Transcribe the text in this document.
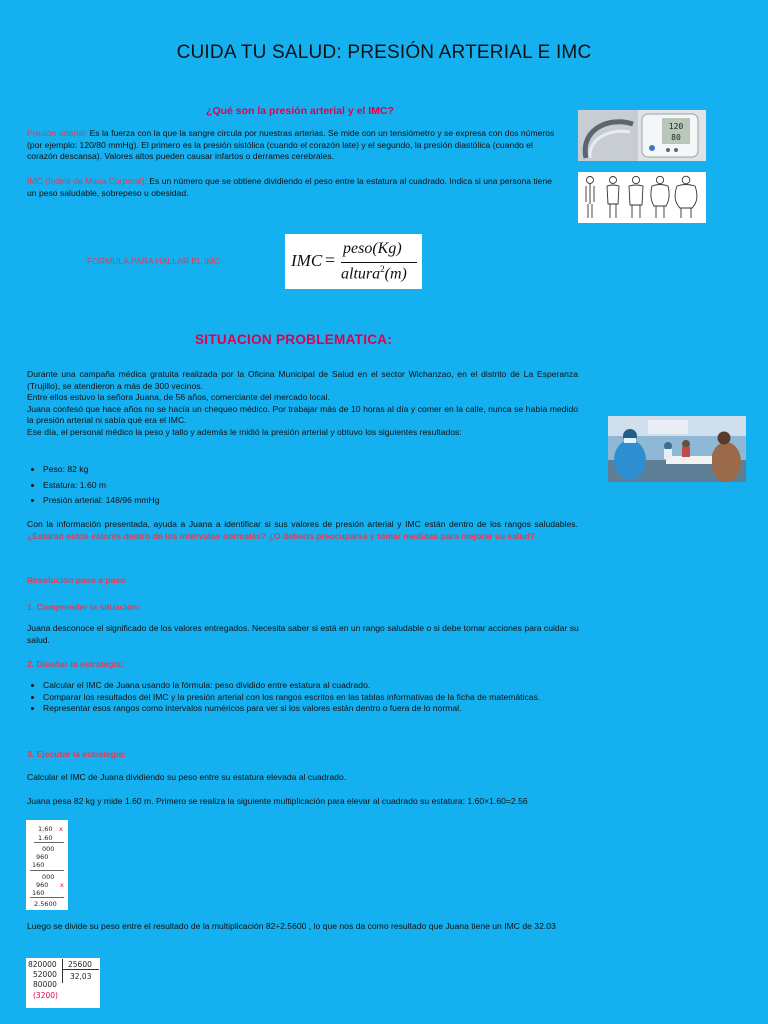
CUIDA TU SALUD: PRESIÓN ARTERIAL E IMC
¿Qué son la presión arterial y el IMC?
Presión arterial: Es la fuerza con la que la sangre circula por nuestras arterias. Se mide con un tensiómetro y se expresa con dos números (por ejemplo: 120/80 mmHg). El primero es la presión sistólica (cuando el corazón late) y el segundo, la presión diastólica (cuando el corazón descansa). Valores altos pueden causar infartos o derrames cerebrales.
IMC (Índice de Masa Corporal): Es un número que se obtiene dividiendo el peso entre la estatura al cuadrado. Indica si una persona tiene un peso saludable, sobrepeso u obesidad.
120
80
FORMULA PARA HALLAR EL IMC:	IMC =
peso(Kg)
altura$^2$(m)
SITUACION PROBLEMATICA:

Durante una campaña médica gratuita realizada por la Oficina Municipal de Salud en el sector Wichanzao, en el distrito de La Esperanza (Trujillo), se atendieron a más de 300 vecinos.

Entre ellos estuvo la señora Juana, de 56 años, comerciante del mercado local.

Juana confesó que hace años no se hacía un chequeo médico. Por trabajar más de 10 horas al día y comer en la calle, nunca se había medido la presión arterial ni sabía qué era el IMC.

Ese día, el personal médico la peso y tallo y además le midió la presión arterial y obtuvo los siguientes resultados:

• Peso: 82 kg
• Estatura: 1.60 m
• Presión arterial: 148/96 mmHg
Con la información presentada, ayuda a Juana a identificar si sus valores de presión arterial y IMC están dentro de los rangos saludables. ¿Estarán estos valores dentro de los intervalos normales? ¿O debería preocuparse y tomar medidas para mejorar su salud?
Resolución paso a paso
1. Comprender la situación:
Juana desconoce el significado de los valores entregados. Necesita saber si está en un rango saludable o si debe tomar acciones para cuidar su salud.
2. Diseñar la estrategia:
• Calcular el IMC de Juana usando la fórmula: peso dividido entre estatura al cuadrado.
• Comparar los resultados del IMC y la presión arterial con los rangos escritos en las tablas informativas de la ficha de matemáticas.
• Representar esos rangos como intervalos numéricos para ver si los valores están dentro o fuera de lo normal.
3. Ejecutar la estrategia:
Calcular el IMC de Juana dividiendo su peso entre su estatura elevada al cuadrado.
Juana pesa 82 kg y mide 1.60 m. Primero se realiza la siguiente multiplicación para elevar al cuadrado su estatura: 1.60×1.60=2.56
1,60 x
1.60
000
960
160
000
960 x
160
2.5600
Luego se divide su peso entre el resultado de la multiplicación 82÷2.5600 , lo que nos da como resultado que Juana tiene un IMC de 32.03
820000 25600
32,03
52000
80000
(3200)
